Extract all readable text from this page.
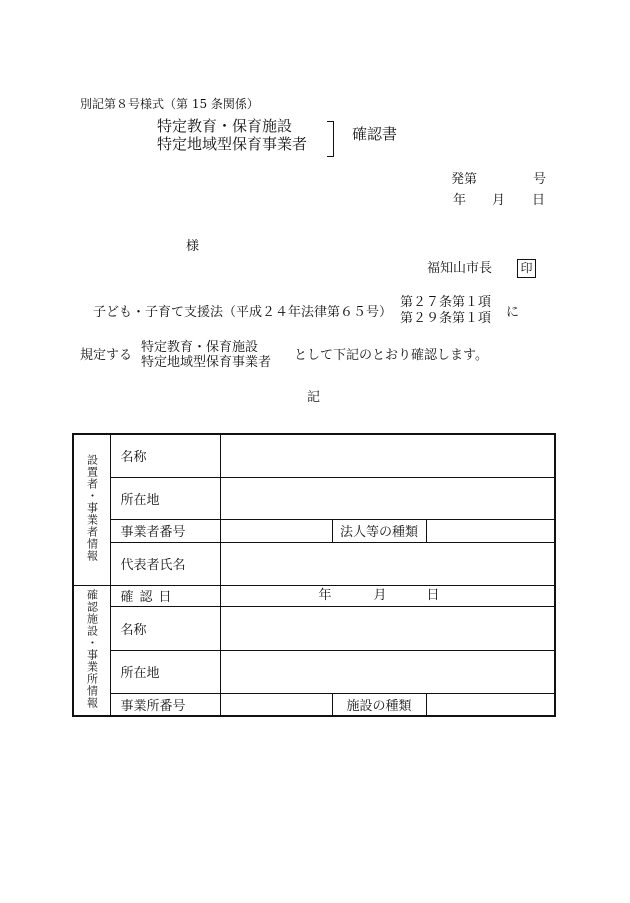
別記第８号様式（第 15 条関係）
特定教育・保育施設
特定地域型保育事業者
確認書
発第	号
年 月 日
様
福知山市長 印
子ども・子育て支援法（平成２４年法律第６５号）
第２７条第１項
第２９条第１項 に
規定する
特定教育・保育施設
特定地域型保育事業者 として下記のとおり確認します。
記
設置者・事業者情報	名称			
	所在地			
	事業者番号		法人等の種類	
	代表者氏名			
確認施設・事業所情報	確認日	年 月 日		

	名称			
	所在地			
	事業所番号		施設の種類	
